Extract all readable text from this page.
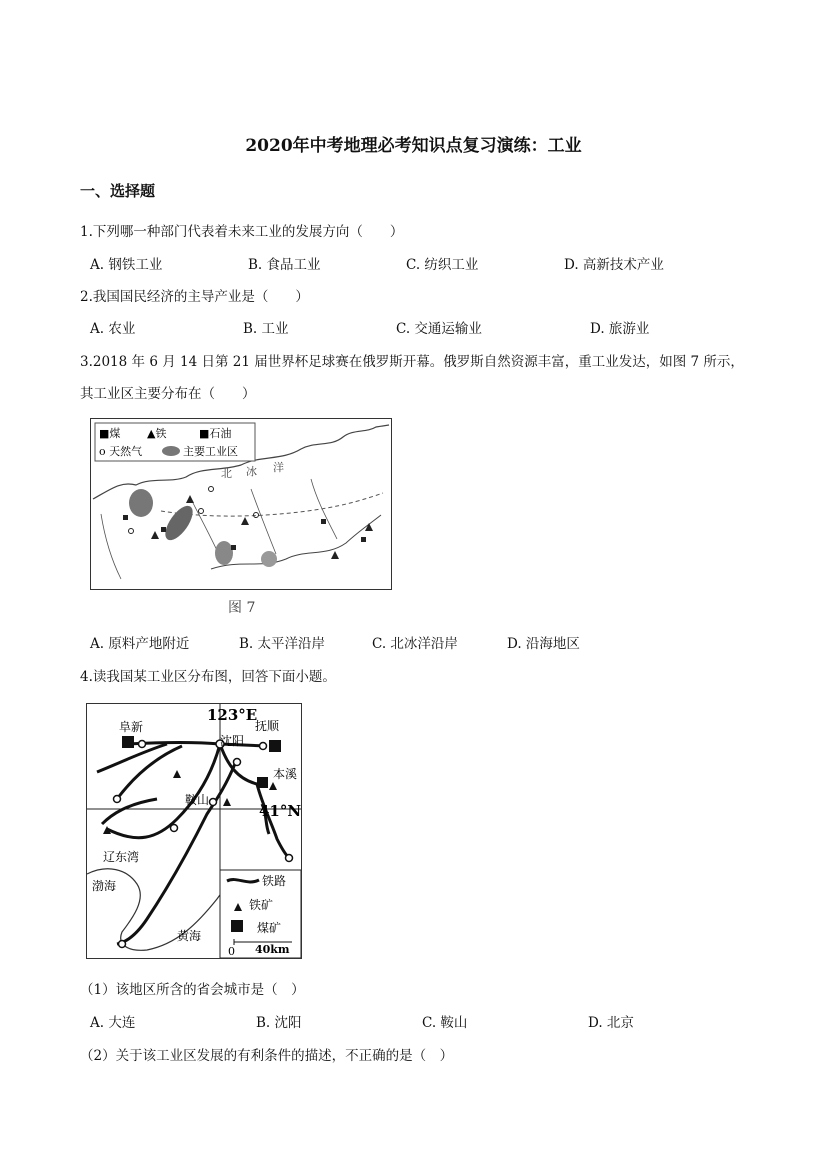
2020年中考地理必考知识点复习演练：工业
一、选择题
1.下列哪一种部门代表着未来工业的发展方向（　　）
A. 钢铁工业	B. 食品工业	C. 纺织工业	D. 高新技术产业
2.我国国民经济的主导产业是（　　）
A. 农业	B. 工业	C. 交通运输业	D. 旅游业
3.2018 年 6 月 14 日第 21 届世界杯足球赛在俄罗斯开幕。俄罗斯自然资源丰富，重工业发达，如图 7 所示，
其工业区主要分布在（　　）
■煤 ▲铁	■石油
o 天然气	主要工业区
北 冰 洋
图 7
A. 原料产地附近	B. 太平洋沿岸	C. 北冰洋沿岸	D. 沿海地区
4.读我国某工业区分布图，回答下面小题。
123°E
阜新
沈阳
抚顺
本溪
鞍山
41°N
辽东湾
渤海
黄海
铁路
铁矿
煤矿
0 40km
（1）该地区所含的省会城市是（　）
A. 大连	B. 沈阳	C. 鞍山	D. 北京
（2）关于该工业区发展的有利条件的描述，不正确的是（　）
